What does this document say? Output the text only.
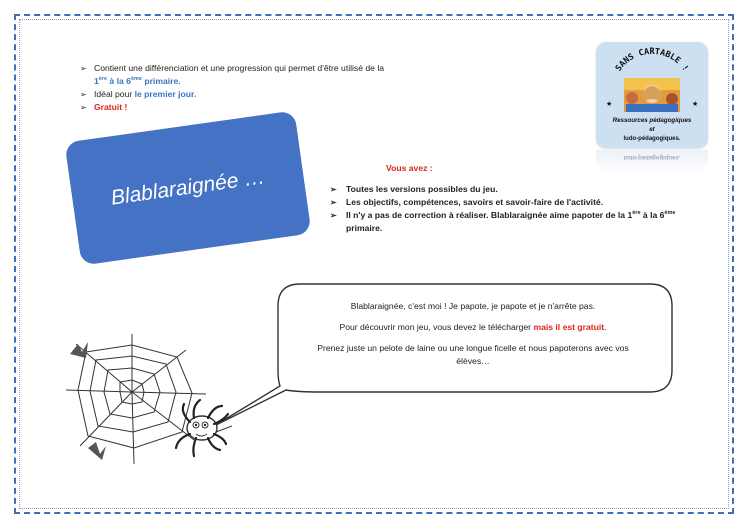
➢ Contient une différenciation et une progression qui permet d'être utilisé de la
1ère à la 6ème primaire.
➢ Idéal pour le premier jour.
➢ Gratuit !
SANS CARTABLE !
★	★
Ressources pédagogiques
et
ludo-pédagogiques.
ludo-pédagogiques.
Blablaraignée …	Vous avez :
➢	Toutes les versions possibles du jeu.
➢	Les objectifs, compétences, savoirs et savoir-faire de l'activité.
➢	Il n'y a pas de correction à réaliser. Blablaraignée aime papoter de la 1ère à la 6ème primaire.

Blablaraignée, c'est moi ! Je papote, je papote et je n'arrête pas.

Pour découvrir mon jeu, vous devez le télécharger mais il est gratuit.

Prenez juste un pelote de laine ou une longue ficelle et nous papoterons avec vos élèves…
